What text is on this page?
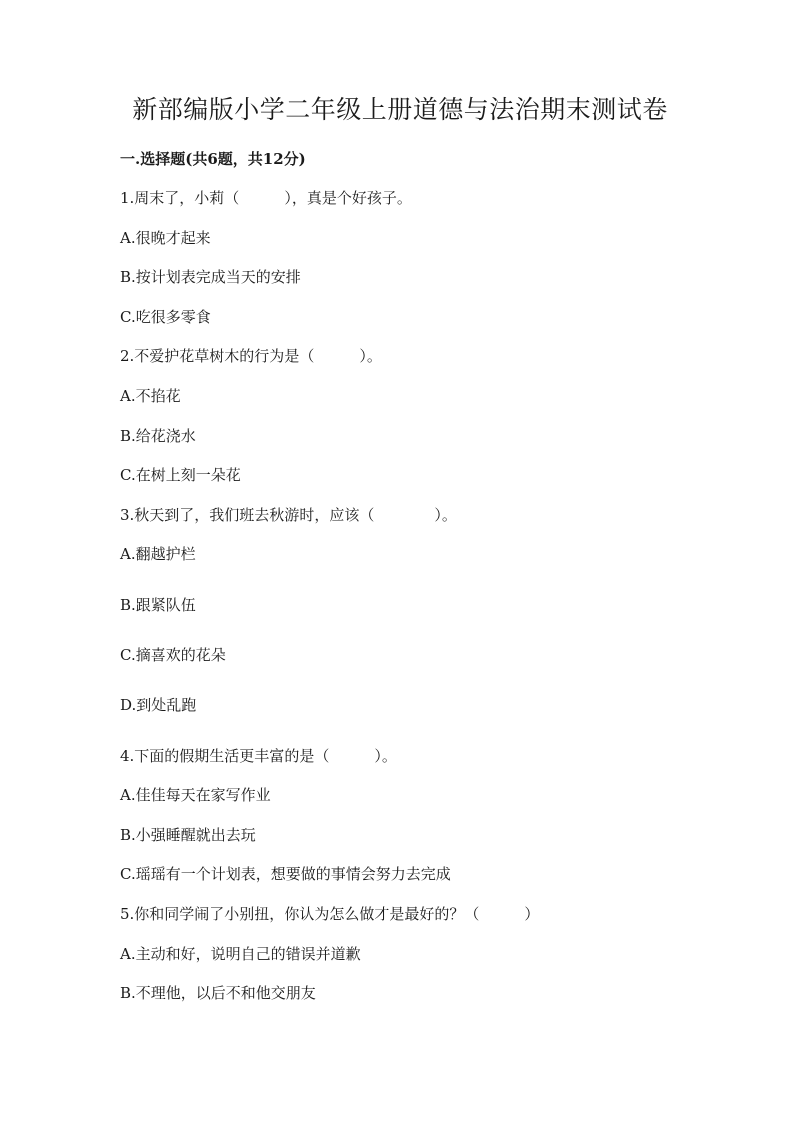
新部编版小学二年级上册道德与法治期末测试卷
一.选择题(共6题，共12分)

1.周末了，小莉（　　　），真是个好孩子。

A.很晚才起来

B.按计划表完成当天的安排

C.吃很多零食

2.不爱护花草树木的行为是（　　　）。

A.不掐花

B.给花浇水

C.在树上刻一朵花

3.秋天到了，我们班去秋游时，应该（　　　　）。

A.翻越护栏

B.跟紧队伍

C.摘喜欢的花朵

D.到处乱跑

4.下面的假期生活更丰富的是（　　　）。

A.佳佳每天在家写作业

B.小强睡醒就出去玩

C.瑶瑶有一个计划表，想要做的事情会努力去完成

5.你和同学闹了小别扭，你认为怎么做才是最好的？（　　　）

A.主动和好，说明自己的错误并道歉

B.不理他，以后不和他交朋友
